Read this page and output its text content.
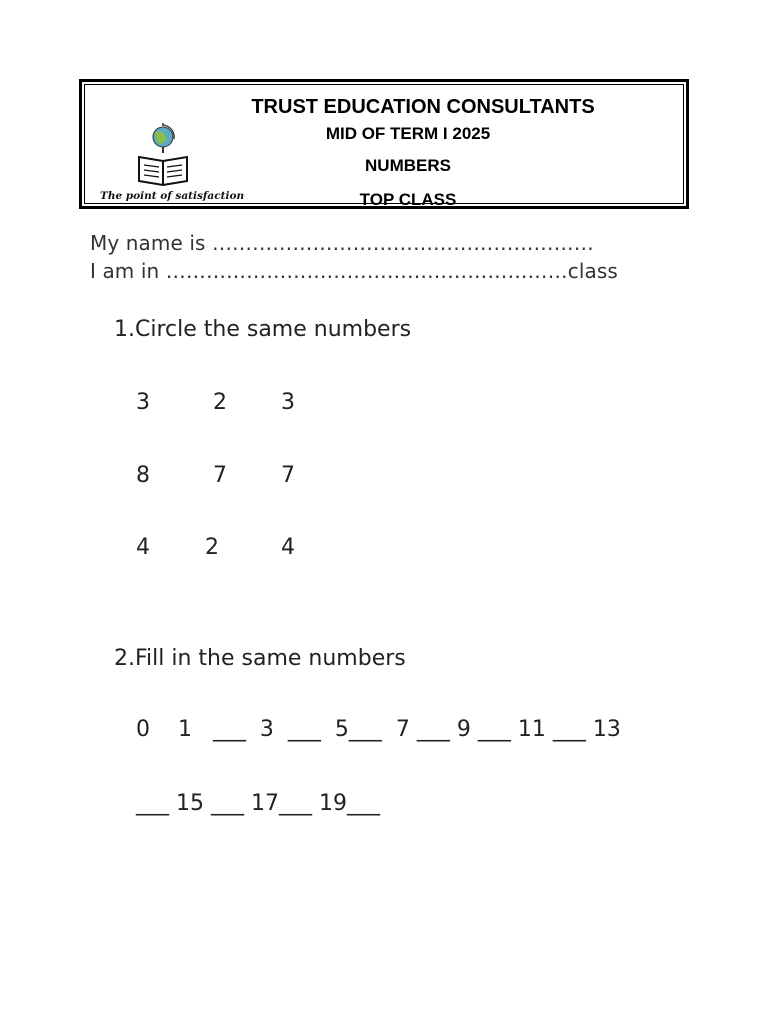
The point of satisfaction
TRUST EDUCATION CONSULTANTS
MID OF TERM I 2025
NUMBERS
TOP CLASS
My name is …………………………………………………
I am in ……………………………………………………class
1.Circle the same numbers
3	2	3
8	7	7
4	2	4
2.Fill in the same numbers
0    1   ___  3  ___  5___  7 ___ 9 ___ 11 ___ 13
___ 15 ___ 17___ 19___
